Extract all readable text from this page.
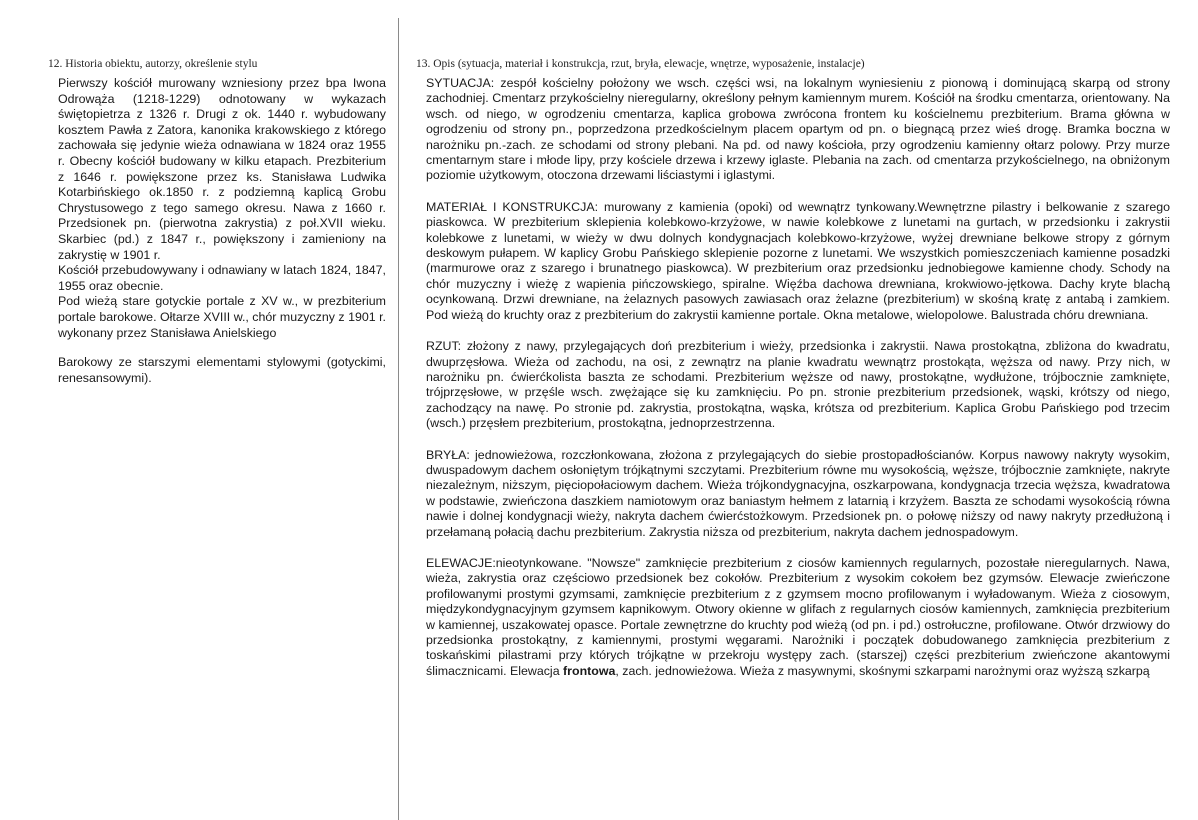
12. Historia obiektu, autorzy, określenie stylu

Pierwszy kościół murowany wzniesiony przez bpa Iwona Odrowąża (1218-1229) odnotowany w wykazach świętopietrza z 1326 r. Drugi z ok. 1440 r. wybudowany kosztem Pawła z Zatora, kanonika krakowskiego z którego zachowała się jedynie wieża odnawiana w 1824 oraz 1955 r. Obecny kościół budowany w kilku etapach. Prezbiterium z 1646 r. powiększone przez ks. Stanisława Ludwika Kotarbińskiego ok.1850 r. z podziemną kaplicą Grobu Chrystusowego z tego samego okresu. Nawa z 1660 r. Przedsionek pn. (pierwotna zakrystia) z poł.XVII wieku. Skarbiec (pd.) z 1847 r., powiększony i zamieniony na zakrystię w 1901 r.

Kościół przebudowywany i odnawiany w latach 1824, 1847, 1955 oraz obecnie.

Pod wieżą stare gotyckie portale z XV w., w prezbiterium portale barokowe. Ołtarze XVIII w., chór muzyczny z 1901 r. wykonany przez Stanisława Anielskiego

Barokowy ze starszymi elementami stylowymi (gotyckimi, renesansowymi).

13. Opis (sytuacja, materiał i konstrukcja, rzut, bryła, elewacje, wnętrze, wyposażenie, instalacje)

SYTUACJA: zespół kościelny położony we wsch. części wsi, na lokalnym wyniesieniu z pionową i dominującą skarpą od strony zachodniej. Cmentarz przykościelny nieregularny, określony pełnym kamiennym murem. Kościół na środku cmentarza, orientowany. Na wsch. od niego, w ogrodzeniu cmentarza, kaplica grobowa zwrócona frontem ku kościelnemu prezbiterium. Brama główna w ogrodzeniu od strony pn., poprzedzona przedkościelnym placem opartym od pn. o biegnącą przez wieś drogę. Bramka boczna w narożniku pn.-zach. ze schodami od strony plebani. Na pd. od nawy kościoła, przy ogrodzeniu kamienny ołtarz polowy. Przy murze cmentarnym stare i młode lipy, przy kościele drzewa i krzewy iglaste. Plebania na zach. od cmentarza przykościelnego, na obniżonym poziomie użytkowym, otoczona drzewami liściastymi i iglastymi.

MATERIAŁ I KONSTRUKCJA: murowany z kamienia (opoki) od wewnątrz tynkowany.Wewnętrzne pilastry i belkowanie z szarego piaskowca. W prezbiterium sklepienia kolebkowo-krzyżowe, w nawie kolebkowe z lunetami na gurtach, w przedsionku i zakrystii kolebkowe z lunetami, w wieży w dwu dolnych kondygnacjach kolebkowo-krzyżowe, wyżej drewniane belkowe stropy z górnym deskowym pułapem. W kaplicy Grobu Pańskiego sklepienie pozorne z lunetami. We wszystkich pomieszczeniach kamienne posadzki (marmurowe oraz z szarego i brunatnego piaskowca). W prezbiterium oraz przedsionku jednobiegowe kamienne chody. Schody na chór muzyczny i wieżę z wapienia pińczowskiego, spiralne. Więźba dachowa drewniana, krokwiowo-jętkowa. Dachy kryte blachą ocynkowaną. Drzwi drewniane, na żelaznych pasowych zawiasach oraz żelazne (prezbiterium) w skośną kratę z antabą i zamkiem. Pod wieżą do kruchty oraz z prezbiterium do zakrystii kamienne portale. Okna metalowe, wielopolowe. Balustrada chóru drewniana.

RZUT: złożony z nawy, przylegających doń prezbiterium i wieży, przedsionka i zakrystii. Nawa prostokątna, zbliżona do kwadratu, dwuprzęsłowa. Wieża od zachodu, na osi, z zewnątrz na planie kwadratu wewnątrz prostokąta, węższa od nawy. Przy nich, w narożniku pn. ćwierćkolista baszta ze schodami. Prezbiterium węższe od nawy, prostokątne, wydłużone, trójbocznie zamknięte, trójprzęsłowe, w przęśle wsch. zwężające się ku zamknięciu. Po pn. stronie prezbiterium przedsionek, wąski, krótszy od niego, zachodzący na nawę. Po stronie pd. zakrystia, prostokątna, wąska, krótsza od prezbiterium. Kaplica Grobu Pańskiego pod trzecim (wsch.) przęsłem prezbiterium, prostokątna, jednoprzestrzenna.

BRYŁA: jednowieżowa, rozczłonkowana, złożona z przylegających do siebie prostopadłościanów. Korpus nawowy nakryty wysokim, dwuspadowym dachem osłoniętym trójkątnymi szczytami. Prezbiterium równe mu wysokością, węższe, trójbocznie zamknięte, nakryte niezależnym, niższym, pięciopołaciowym dachem. Wieża trójkondygnacyjna, oszkarpowana, kondygnacja trzecia węższa, kwadratowa w podstawie, zwieńczona daszkiem namiotowym oraz baniastym hełmem z latarnią i krzyżem. Baszta ze schodami wysokością równa nawie i dolnej kondygnacji wieży, nakryta dachem ćwierćstożkowym. Przedsionek pn. o połowę niższy od nawy nakryty przedłużoną i przełamaną połacią dachu prezbiterium. Zakrystia niższa od prezbiterium, nakryta dachem jednospadowym.

ELEWACJE:nieotynkowane. "Nowsze" zamknięcie prezbiterium z ciosów kamiennych regularnych, pozostałe nieregularnych. Nawa, wieża, zakrystia oraz częściowo przedsionek bez cokołów. Prezbiterium z wysokim cokołem bez gzymsów. Elewacje zwieńczone profilowanymi prostymi gzymsami, zamknięcie prezbiterium z z gzymsem mocno profilowanym i wyładowanym. Wieża z ciosowym, międzykondygnacyjnym gzymsem kapnikowym. Otwory okienne w glifach z regularnych ciosów kamiennych, zamknięcia prezbiterium w kamiennej, uszakowatej opasce. Portale zewnętrzne do kruchty pod wieżą (od pn. i pd.) ostrołuczne, profilowane. Otwór drzwiowy do przedsionka prostokątny, z kamiennymi, prostymi węgarami. Narożniki i początek dobudowanego zamknięcia prezbiterium z toskańskimi pilastrami przy których trójkątne w przekroju występy zach. (starszej) części prezbiterium zwieńczone akantowymi ślimacznicami. Elewacja frontowa, zach. jednowieżowa. Wieża z masywnymi, skośnymi szkarpami narożnymi oraz wyższą szkarpą
